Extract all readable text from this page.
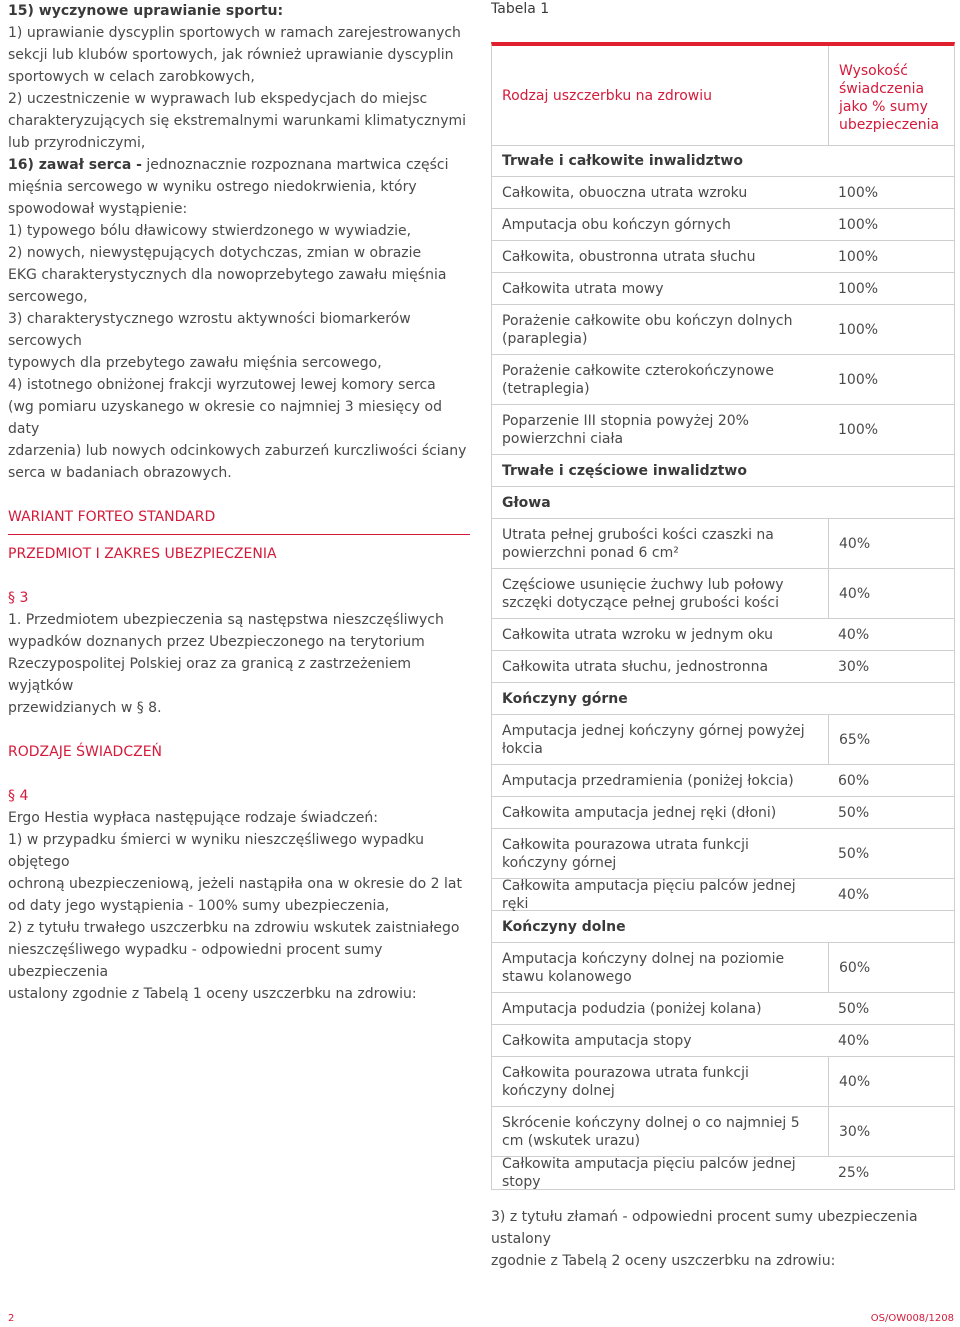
15) wyczynowe uprawianie sportu:

1) uprawianie dyscyplin sportowych w ramach zarejestrowanych

sekcji lub klubów sportowych, jak również uprawianie dyscyplin

sportowych w celach zarobkowych,

2) uczestniczenie w wyprawach lub ekspedycjach do miejsc

charakteryzujących się ekstremalnymi warunkami klimatycznymi

lub przyrodniczymi,

16) zawał serca - jednoznacznie rozpoznana martwica części

mięśnia sercowego w wyniku ostrego niedokrwienia, który

spowodował wystąpienie:

1) typowego bólu dławicowy stwierdzonego w wywiadzie,

2) nowych, niewystępujących dotychczas, zmian w obrazie

EKG charakterystycznych dla nowoprzebytego zawału mięśnia

sercowego,

3) charakterystycznego wzrostu aktywności biomarkerów sercowych

typowych dla przebytego zawału mięśnia sercowego,

4) istotnego obniżonej frakcji wyrzutowej lewej komory serca

(wg pomiaru uzyskanego w okresie co najmniej 3 miesięcy od daty

zdarzenia) lub nowych odcinkowych zaburzeń kurczliwości ściany

serca w badaniach obrazowych.

WARIANT FORTEO STANDARD

PRZEDMIOT I ZAKRES UBEZPIECZENIA

§ 3

1. Przedmiotem ubezpieczenia są następstwa nieszczęśliwych

wypadków doznanych przez Ubezpieczonego na terytorium

Rzeczypospolitej Polskiej oraz za granicą z zastrzeżeniem wyjątków

przewidzianych w § 8.

RODZAJE ŚWIADCZEŃ

§ 4

Ergo Hestia wypłaca następujące rodzaje świadczeń:

1) w przypadku śmierci w wyniku nieszczęśliwego wypadku objętego

ochroną ubezpieczeniową, jeżeli nastąpiła ona w okresie do 2 lat

od daty jego wystąpienia - 100% sumy ubezpieczenia,

2) z tytułu trwałego uszczerbku na zdrowiu wskutek zaistniałego

nieszczęśliwego wypadku - odpowiedni procent sumy ubezpieczenia

ustalony zgodnie z Tabelą 1 oceny uszczerbku na zdrowiu:

Tabela 1
Rodzaj uszczerbku na zdrowiu
Wysokość świadczenia jako % sumy ubezpieczenia
Trwałe i całkowite inwalidztwo
Całkowita, obuoczna utrata wzroku	100%
Amputacja obu kończyn górnych	100%
Całkowita, obustronna utrata słuchu	100%
Całkowita utrata mowy	100%
Porażenie całkowite obu kończyn dolnych (paraplegia)
100%
Porażenie całkowite czterokończynowe (tetraplegia)
100%
Poparzenie III stopnia powyżej 20% powierzchni ciała
100%
Trwałe i częściowe inwalidztwo
Głowa
Utrata pełnej grubości kości czaszki na powierzchni ponad 6 cm²
40%
Częściowe usunięcie żuchwy lub połowy szczęki dotyczące pełnej grubości kości
40%
Całkowita utrata wzroku w jednym oku	40%
Całkowita utrata słuchu, jednostronna	30%
Kończyny górne
Amputacja jednej kończyny górnej powyżej łokcia
65%
Amputacja przedramienia (poniżej łokcia)	60%
Całkowita amputacja jednej ręki (dłoni)	50%
Całkowita pourazowa utrata funkcji kończyny górnej
50%
Całkowita amputacja pięciu palców jednej ręki
40%
Kończyny dolne
Amputacja kończyny dolnej na poziomie stawu kolanowego
60%
Amputacja podudzia (poniżej kolana)	50%
Całkowita amputacja stopy	40%
Całkowita pourazowa utrata funkcji kończyny dolnej
40%
Skrócenie kończyny dolnej o co najmniej 5 cm (wskutek urazu)
30%
Całkowita amputacja pięciu palców jednej stopy
25%

3) z tytułu złamań - odpowiedni procent sumy ubezpieczenia ustalony

zgodnie z Tabelą 2 oceny uszczerbku na zdrowiu:

2	OS/OW008/1208
